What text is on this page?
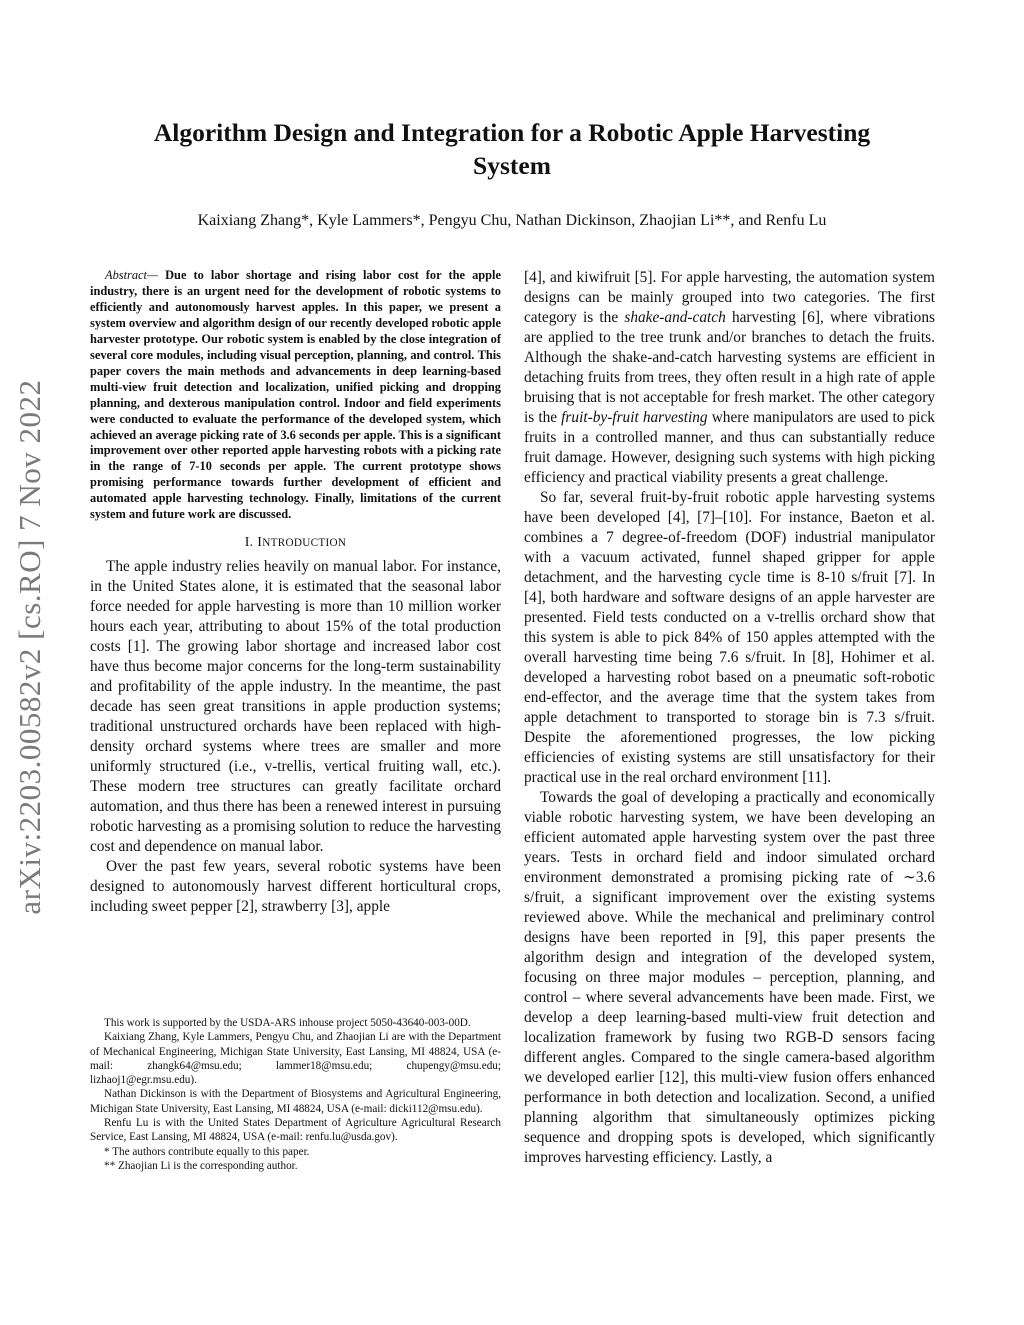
Algorithm Design and Integration for a Robotic Apple Harvesting
System
Kaixiang Zhang*, Kyle Lammers*, Pengyu Chu, Nathan Dickinson, Zhaojian Li**, and Renfu Lu
arXiv:2203.00582v2 [cs.RO] 7 Nov 2022

Abstract— Due to labor shortage and rising labor cost for the apple industry, there is an urgent need for the development of robotic systems to efficiently and autonomously harvest apples. In this paper, we present a system overview and algorithm design of our recently developed robotic apple harvester prototype. Our robotic system is enabled by the close integration of several core modules, including visual perception, planning, and control. This paper covers the main methods and advancements in deep learning-based multi-view fruit detection and localization, unified picking and dropping planning, and dexterous manipulation control. Indoor and field experiments were conducted to evaluate the performance of the developed system, which achieved an average picking rate of 3.6 seconds per apple. This is a significant improvement over other reported apple harvesting robots with a picking rate in the range of 7-10 seconds per apple. The current prototype shows promising performance towards further development of efficient and automated apple harvesting technology. Finally, limitations of the current system and future work are discussed.

I. INTRODUCTION

The apple industry relies heavily on manual labor. For instance, in the United States alone, it is estimated that the seasonal labor force needed for apple harvesting is more than 10 million worker hours each year, attributing to about 15% of the total production costs [1]. The growing labor shortage and increased labor cost have thus become major concerns for the long-term sustainability and profitability of the apple industry. In the meantime, the past decade has seen great transitions in apple production systems; traditional unstructured orchards have been replaced with high-density orchard systems where trees are smaller and more uniformly structured (i.e., v-trellis, vertical fruiting wall, etc.). These modern tree structures can greatly facilitate orchard automation, and thus there has been a renewed interest in pursuing robotic harvesting as a promising solution to reduce the harvesting cost and dependence on manual labor.

Over the past few years, several robotic systems have been designed to autonomously harvest different horticultural crops, including sweet pepper [2], strawberry [3], apple

This work is supported by the USDA-ARS inhouse project 5050-43640-003-00D.

Kaixiang Zhang, Kyle Lammers, Pengyu Chu, and Zhaojian Li are with the Department of Mechanical Engineering, Michigan State University, East Lansing, MI 48824, USA (e-mail: zhangk64@msu.edu; lammer18@msu.edu; chupengy@msu.edu; lizhaoj1@egr.msu.edu).

Nathan Dickinson is with the Department of Biosystems and Agricultural Engineering, Michigan State University, East Lansing, MI 48824, USA (e-mail: dicki112@msu.edu).

Renfu Lu is with the United States Department of Agriculture Agricultural Research Service, East Lansing, MI 48824, USA (e-mail: renfu.lu@usda.gov).

* The authors contribute equally to this paper.

** Zhaojian Li is the corresponding author.

[4], and kiwifruit [5]. For apple harvesting, the automation system designs can be mainly grouped into two categories. The first category is the shake-and-catch harvesting [6], where vibrations are applied to the tree trunk and/or branches to detach the fruits. Although the shake-and-catch harvesting systems are efficient in detaching fruits from trees, they often result in a high rate of apple bruising that is not acceptable for fresh market. The other category is the fruit-by-fruit harvesting where manipulators are used to pick fruits in a controlled manner, and thus can substantially reduce fruit damage. However, designing such systems with high picking efficiency and practical viability presents a great challenge.

So far, several fruit-by-fruit robotic apple harvesting systems have been developed [4], [7]–[10]. For instance, Baeton et al. combines a 7 degree-of-freedom (DOF) industrial manipulator with a vacuum activated, funnel shaped gripper for apple detachment, and the harvesting cycle time is 8-10 s/fruit [7]. In [4], both hardware and software designs of an apple harvester are presented. Field tests conducted on a v-trellis orchard show that this system is able to pick 84% of 150 apples attempted with the overall harvesting time being 7.6 s/fruit. In [8], Hohimer et al. developed a harvesting robot based on a pneumatic soft-robotic end-effector, and the average time that the system takes from apple detachment to transported to storage bin is 7.3 s/fruit. Despite the aforementioned progresses, the low picking efficiencies of existing systems are still unsatisfactory for their practical use in the real orchard environment [11].

Towards the goal of developing a practically and economically viable robotic harvesting system, we have been developing an efficient automated apple harvesting system over the past three years. Tests in orchard field and indoor simulated orchard environment demonstrated a promising picking rate of ∼3.6 s/fruit, a significant improvement over the existing systems reviewed above. While the mechanical and preliminary control designs have been reported in [9], this paper presents the algorithm design and integration of the developed system, focusing on three major modules – perception, planning, and control – where several advancements have been made. First, we develop a deep learning-based multi-view fruit detection and localization framework by fusing two RGB-D sensors facing different angles. Compared to the single camera-based algorithm we developed earlier [12], this multi-view fusion offers enhanced performance in both detection and localization. Second, a unified planning algorithm that simultaneously optimizes picking sequence and dropping spots is developed, which significantly improves harvesting efficiency. Lastly, a
